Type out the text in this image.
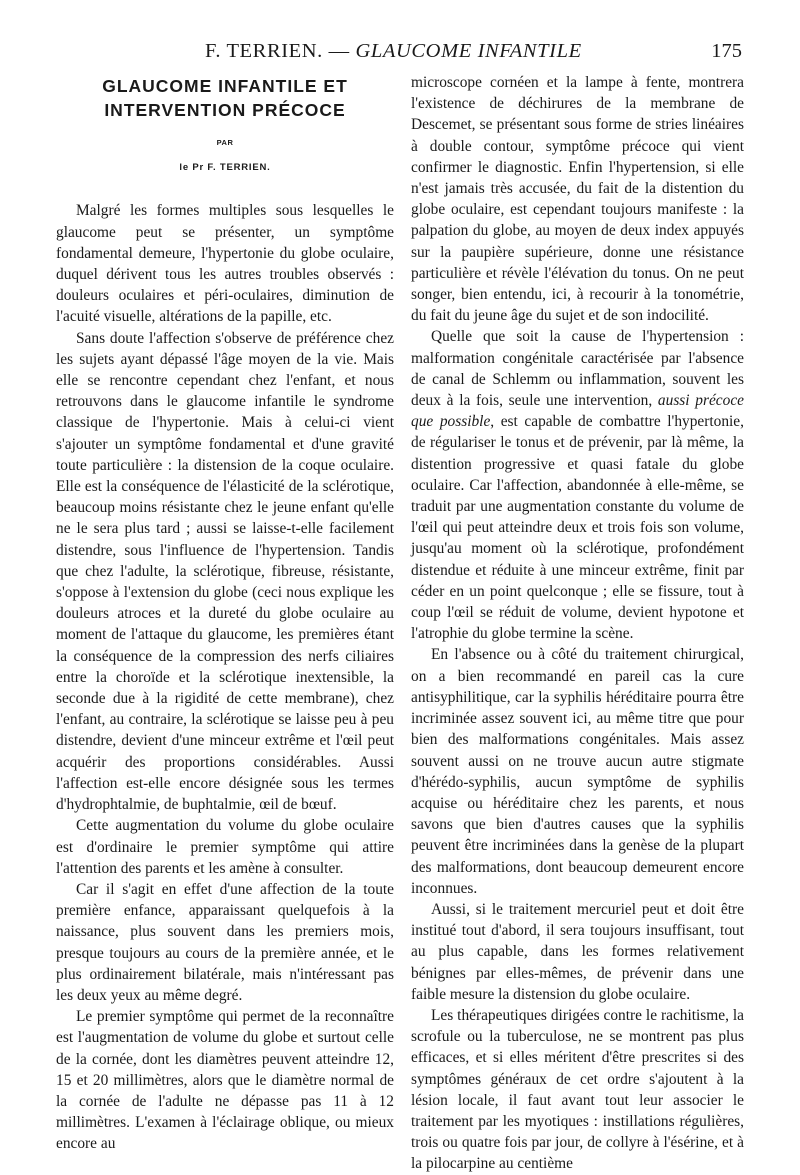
F. TERRIEN. — GLAUCOME INFANTILE	175
GLAUCOME INFANTILE ET
INTERVENTION PRÉCOCE
PAR
le Pr F. TERRIEN.

Malgré les formes multiples sous lesquelles le glaucome peut se présenter, un symptôme fondamental demeure, l'hypertonie du globe oculaire, duquel dérivent tous les autres troubles observés : douleurs oculaires et péri-oculaires, diminution de l'acuité visuelle, altérations de la papille, etc.

Sans doute l'affection s'observe de préférence chez les sujets ayant dépassé l'âge moyen de la vie. Mais elle se rencontre cependant chez l'enfant, et nous retrouvons dans le glaucome infantile le syndrome classique de l'hypertonie. Mais à celui-ci vient s'ajouter un symptôme fondamental et d'une gravité toute particulière : la distension de la coque oculaire. Elle est la conséquence de l'élasticité de la sclérotique, beaucoup moins résistante chez le jeune enfant qu'elle ne le sera plus tard ; aussi se laisse-t-elle facilement distendre, sous l'influence de l'hypertension. Tandis que chez l'adulte, la sclérotique, fibreuse, résistante, s'oppose à l'extension du globe (ceci nous explique les douleurs atroces et la dureté du globe oculaire au moment de l'attaque du glaucome, les premières étant la conséquence de la compression des nerfs ciliaires entre la choroïde et la sclérotique inextensible, la seconde due à la rigidité de cette membrane), chez l'enfant, au contraire, la sclérotique se laisse peu à peu distendre, devient d'une minceur extrême et l'œil peut acquérir des proportions considérables. Aussi l'affection est-elle encore désignée sous les termes d'hydrophtalmie, de buphtalmie, œil de bœuf.

Cette augmentation du volume du globe oculaire est d'ordinaire le premier symptôme qui attire l'attention des parents et les amène à consulter.

Car il s'agit en effet d'une affection de la toute première enfance, apparaissant quelquefois à la naissance, plus souvent dans les premiers mois, presque toujours au cours de la première année, et le plus ordinairement bilatérale, mais n'intéressant pas les deux yeux au même degré.

Le premier symptôme qui permet de la reconnaître est l'augmentation de volume du globe et surtout celle de la cornée, dont les diamètres peuvent atteindre 12, 15 et 20 millimètres, alors que le diamètre normal de la cornée de l'adulte ne dépasse pas 11 à 12 millimètres. L'examen à l'éclairage oblique, ou mieux encore au

microscope cornéen et la lampe à fente, montrera l'existence de déchirures de la membrane de Descemet, se présentant sous forme de stries linéaires à double contour, symptôme précoce qui vient confirmer le diagnostic. Enfin l'hypertension, si elle n'est jamais très accusée, du fait de la distention du globe oculaire, est cependant toujours manifeste : la palpation du globe, au moyen de deux index appuyés sur la paupière supérieure, donne une résistance particulière et révèle l'élévation du tonus. On ne peut songer, bien entendu, ici, à recourir à la tonométrie, du fait du jeune âge du sujet et de son indocilité.

Quelle que soit la cause de l'hypertension : malformation congénitale caractérisée par l'absence de canal de Schlemm ou inflammation, souvent les deux à la fois, seule une intervention, aussi précoce que possible, est capable de combattre l'hypertonie, de régulariser le tonus et de prévenir, par là même, la distention progressive et quasi fatale du globe oculaire. Car l'affection, abandonnée à elle-même, se traduit par une augmentation constante du volume de l'œil qui peut atteindre deux et trois fois son volume, jusqu'au moment où la sclérotique, profondément distendue et réduite à une minceur extrême, finit par céder en un point quelconque ; elle se fissure, tout à coup l'œil se réduit de volume, devient hypotone et l'atrophie du globe termine la scène.

En l'absence ou à côté du traitement chirurgical, on a bien recommandé en pareil cas la cure antisyphilitique, car la syphilis héréditaire pourra être incriminée assez souvent ici, au même titre que pour bien des malformations congénitales. Mais assez souvent aussi on ne trouve aucun autre stigmate d'hérédo-syphilis, aucun symptôme de syphilis acquise ou héréditaire chez les parents, et nous savons que bien d'autres causes que la syphilis peuvent être incriminées dans la genèse de la plupart des malformations, dont beaucoup demeurent encore inconnues.

Aussi, si le traitement mercuriel peut et doit être institué tout d'abord, il sera toujours insuffisant, tout au plus capable, dans les formes relativement bénignes par elles-mêmes, de prévenir dans une faible mesure la distension du globe oculaire.

Les thérapeutiques dirigées contre le rachitisme, la scrofule ou la tuberculose, ne se montrent pas plus efficaces, et si elles méritent d'être prescrites si des symptômes généraux de cet ordre s'ajoutent à la lésion locale, il faut avant tout leur associer le traitement par les myotiques : instillations régulières, trois ou quatre fois par jour, de collyre à l'ésérine, et à la pilocarpine au centième
